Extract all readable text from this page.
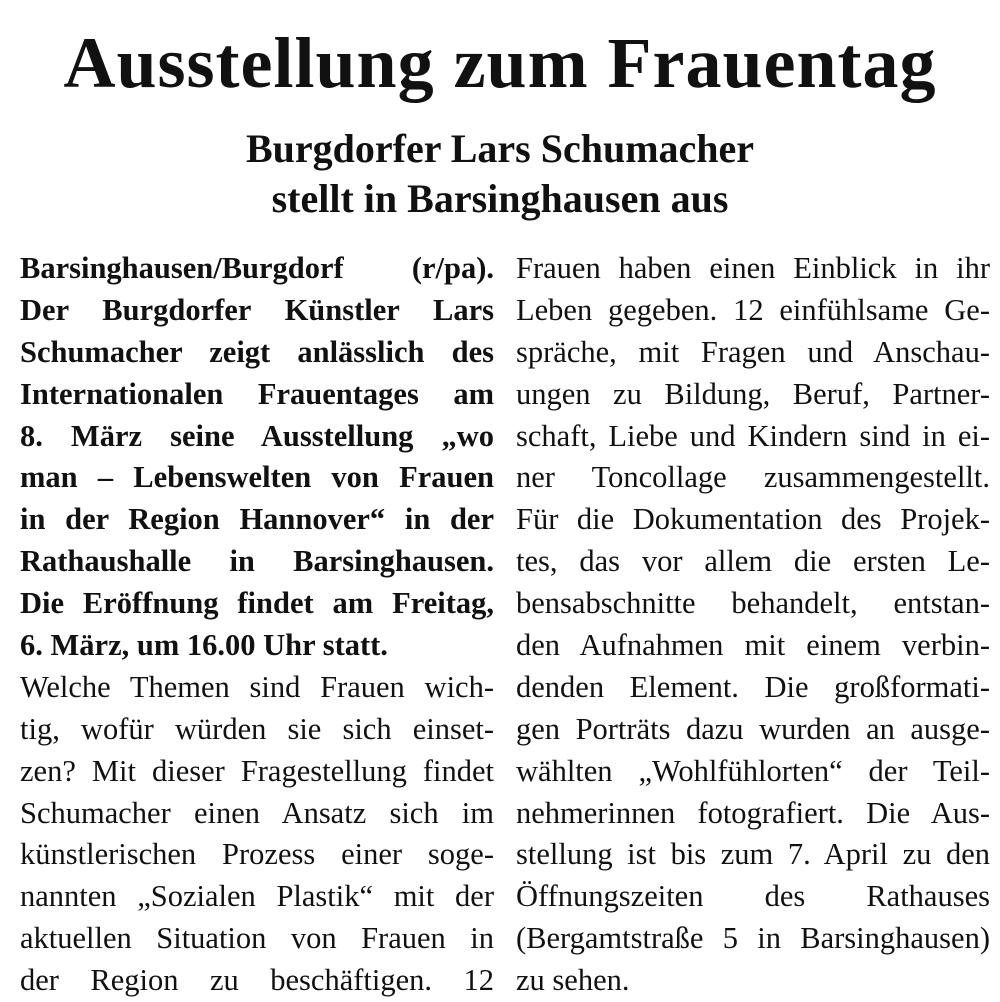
Ausstellung zum Frauentag
Burgdorfer Lars Schumacher
stellt in Barsinghausen aus
Barsinghausen/Burgdorf (r/pa).
Der Burgdorfer Künstler Lars
Schumacher zeigt anlässlich des
Internationalen Frauentages am
8. März seine Ausstellung „wo
man – Lebenswelten von Frauen
in der Region Hannover“ in der
Rathaushalle in Barsinghausen.
Die Eröffnung findet am Freitag,
6. März, um 16.00 Uhr statt.
Welche Themen sind Frauen wich-
tig, wofür würden sie sich einset-
zen? Mit dieser Fragestellung findet
Schumacher einen Ansatz sich im
künstlerischen Prozess einer soge-
nannten „Sozialen Plastik“ mit der
aktuellen Situation von Frauen in
der Region zu beschäftigen. 12
Frauen haben einen Einblick in ihr
Leben gegeben. 12 einfühlsame Ge-
spräche, mit Fragen und Anschau-
ungen zu Bildung, Beruf, Partner-
schaft, Liebe und Kindern sind in ei-
ner Toncollage zusammengestellt.
Für die Dokumentation des Projek-
tes, das vor allem die ersten Le-
bensabschnitte behandelt, entstan-
den Aufnahmen mit einem verbin-
denden Element. Die großformati-
gen Porträts dazu wurden an ausge-
wählten „Wohlfühlorten“ der Teil-
nehmerinnen fotografiert. Die Aus-
stellung ist bis zum 7. April zu den
Öffnungszeiten des Rathauses
(Bergamtstraße 5 in Barsinghausen)
zu sehen.
